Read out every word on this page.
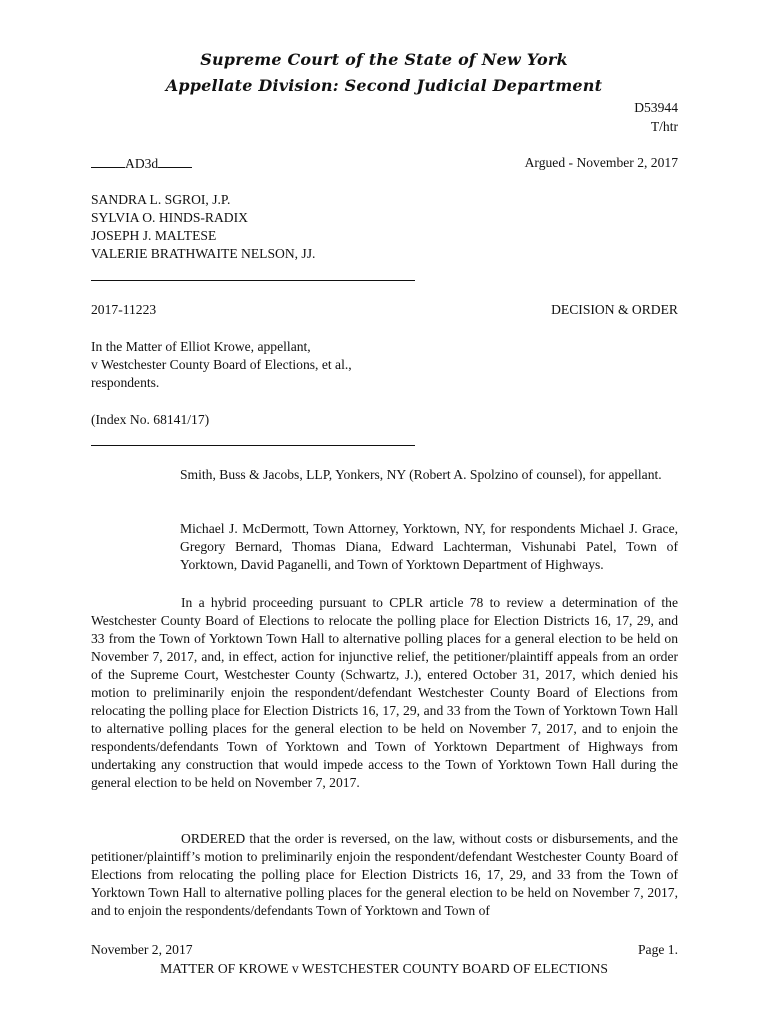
Supreme Court of the State of New York
Appellate Division: Second Judicial Department
D53944
T/htr
AD3d	Argued - November 2, 2017
SANDRA L. SGROI, J.P.
SYLVIA O. HINDS-RADIX
JOSEPH J. MALTESE
VALERIE BRATHWAITE NELSON, JJ.
2017-11223	DECISION & ORDER
In the Matter of Elliot Krowe, appellant,
v Westchester County Board of Elections, et al.,
respondents.
(Index No. 68141/17)
Smith, Buss & Jacobs, LLP, Yonkers, NY (Robert A. Spolzino of counsel), for appellant.
Michael J. McDermott, Town Attorney, Yorktown, NY, for respondents Michael J. Grace, Gregory Bernard, Thomas Diana, Edward Lachterman, Vishunabi Patel, Town of Yorktown, David Paganelli, and Town of Yorktown Department of Highways.

In a hybrid proceeding pursuant to CPLR article 78 to review a determination of the Westchester County Board of Elections to relocate the polling place for Election Districts 16, 17, 29, and 33 from the Town of Yorktown Town Hall to alternative polling places for a general election to be held on November 7, 2017, and, in effect, action for injunctive relief, the petitioner/plaintiff appeals from an order of the Supreme Court, Westchester County (Schwartz, J.), entered October 31, 2017, which denied his motion to preliminarily enjoin the respondent/defendant Westchester County Board of Elections from relocating the polling place for Election Districts 16, 17, 29, and 33 from the Town of Yorktown Town Hall to alternative polling places for the general election to be held on November 7, 2017, and to enjoin the respondents/defendants Town of Yorktown and Town of Yorktown Department of Highways from undertaking any construction that would impede access to the Town of Yorktown Town Hall during the general election to be held on November 7, 2017.

ORDERED that the order is reversed, on the law, without costs or disbursements, and the petitioner/plaintiff’s motion to preliminarily enjoin the respondent/defendant Westchester County Board of Elections from relocating the polling place for Election Districts 16, 17, 29, and 33 from the Town of Yorktown Town Hall to alternative polling places for the general election to be held on November 7, 2017, and to enjoin the respondents/defendants Town of Yorktown and Town of

November 2, 2017	Page 1.
MATTER OF KROWE v WESTCHESTER COUNTY BOARD OF ELECTIONS
